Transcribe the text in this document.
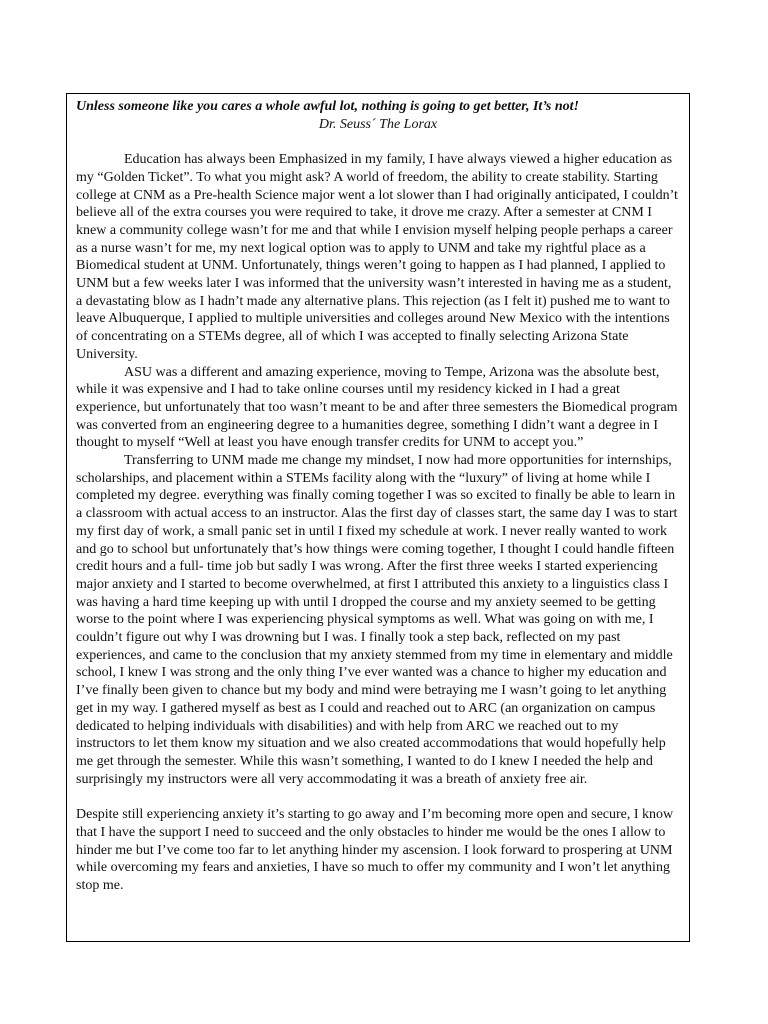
Unless someone like you cares a whole awful lot, nothing is going to get better, It’s not!

Dr. Seuss´ The Lorax

Education has always been Emphasized in my family, I have always viewed a higher education as my “Golden Ticket”. To what you might ask? A world of freedom, the ability to create stability. Starting college at CNM as a Pre-health Science major went a lot slower than I had originally anticipated, I couldn’t believe all of the extra courses you were required to take, it drove me crazy. After a semester at CNM I knew a community college wasn’t for me and that while I envision myself helping people perhaps a career as a nurse wasn’t for me, my next logical option was to apply to UNM and take my rightful place as a Biomedical student at UNM. Unfortunately, things weren’t going to happen as I had planned, I applied to UNM but a few weeks later I was informed that the university wasn’t interested in having me as a student, a devastating blow as I hadn’t made any alternative plans. This rejection (as I felt it) pushed me to want to leave Albuquerque, I applied to multiple universities and colleges around New Mexico with the intentions of concentrating on a STEMs degree, all of which I was accepted to finally selecting Arizona State University.

ASU was a different and amazing experience, moving to Tempe, Arizona was the absolute best, while it was expensive and I had to take online courses until my residency kicked in I had a great experience, but unfortunately that too wasn’t meant to be and after three semesters the Biomedical program was converted from an engineering degree to a humanities degree, something I didn’t want a degree in I thought to myself “Well at least you have enough transfer credits for UNM to accept you.”

Transferring to UNM made me change my mindset, I now had more opportunities for internships, scholarships, and placement within a STEMs facility along with the “luxury” of living at home while I completed my degree. everything was finally coming together I was so excited to finally be able to learn in a classroom with actual access to an instructor. Alas the first day of classes start, the same day I was to start my first day of work, a small panic set in until I fixed my schedule at work. I never really wanted to work and go to school but unfortunately that’s how things were coming together, I thought I could handle fifteen credit hours and a full- time job but sadly I was wrong. After the first three weeks I started experiencing major anxiety and I started to become overwhelmed, at first I attributed this anxiety to a linguistics class I was having a hard time keeping up with until I dropped the course and my anxiety seemed to be getting worse to the point where I was experiencing physical symptoms as well. What was going on with me, I couldn’t figure out why I was drowning but I was. I finally took a step back, reflected on my past experiences, and came to the conclusion that my anxiety stemmed from my time in elementary and middle school, I knew I was strong and the only thing I’ve ever wanted was a chance to higher my education and I’ve finally been given to chance but my body and mind were betraying me I wasn’t going to let anything get in my way. I gathered myself as best as I could and reached out to ARC (an organization on campus dedicated to helping individuals with disabilities) and with help from ARC we reached out to my instructors to let them know my situation and we also created accommodations that would hopefully help me get through the semester. While this wasn’t something, I wanted to do I knew I needed the help and surprisingly my instructors were all very accommodating it was a breath of anxiety free air.

Despite still experiencing anxiety it’s starting to go away and I’m becoming more open and secure, I know that I have the support I need to succeed and the only obstacles to hinder me would be the ones I allow to hinder me but I’ve come too far to let anything hinder my ascension. I look forward to prospering at UNM while overcoming my fears and anxieties, I have so much to offer my community and I won’t let anything stop me.
